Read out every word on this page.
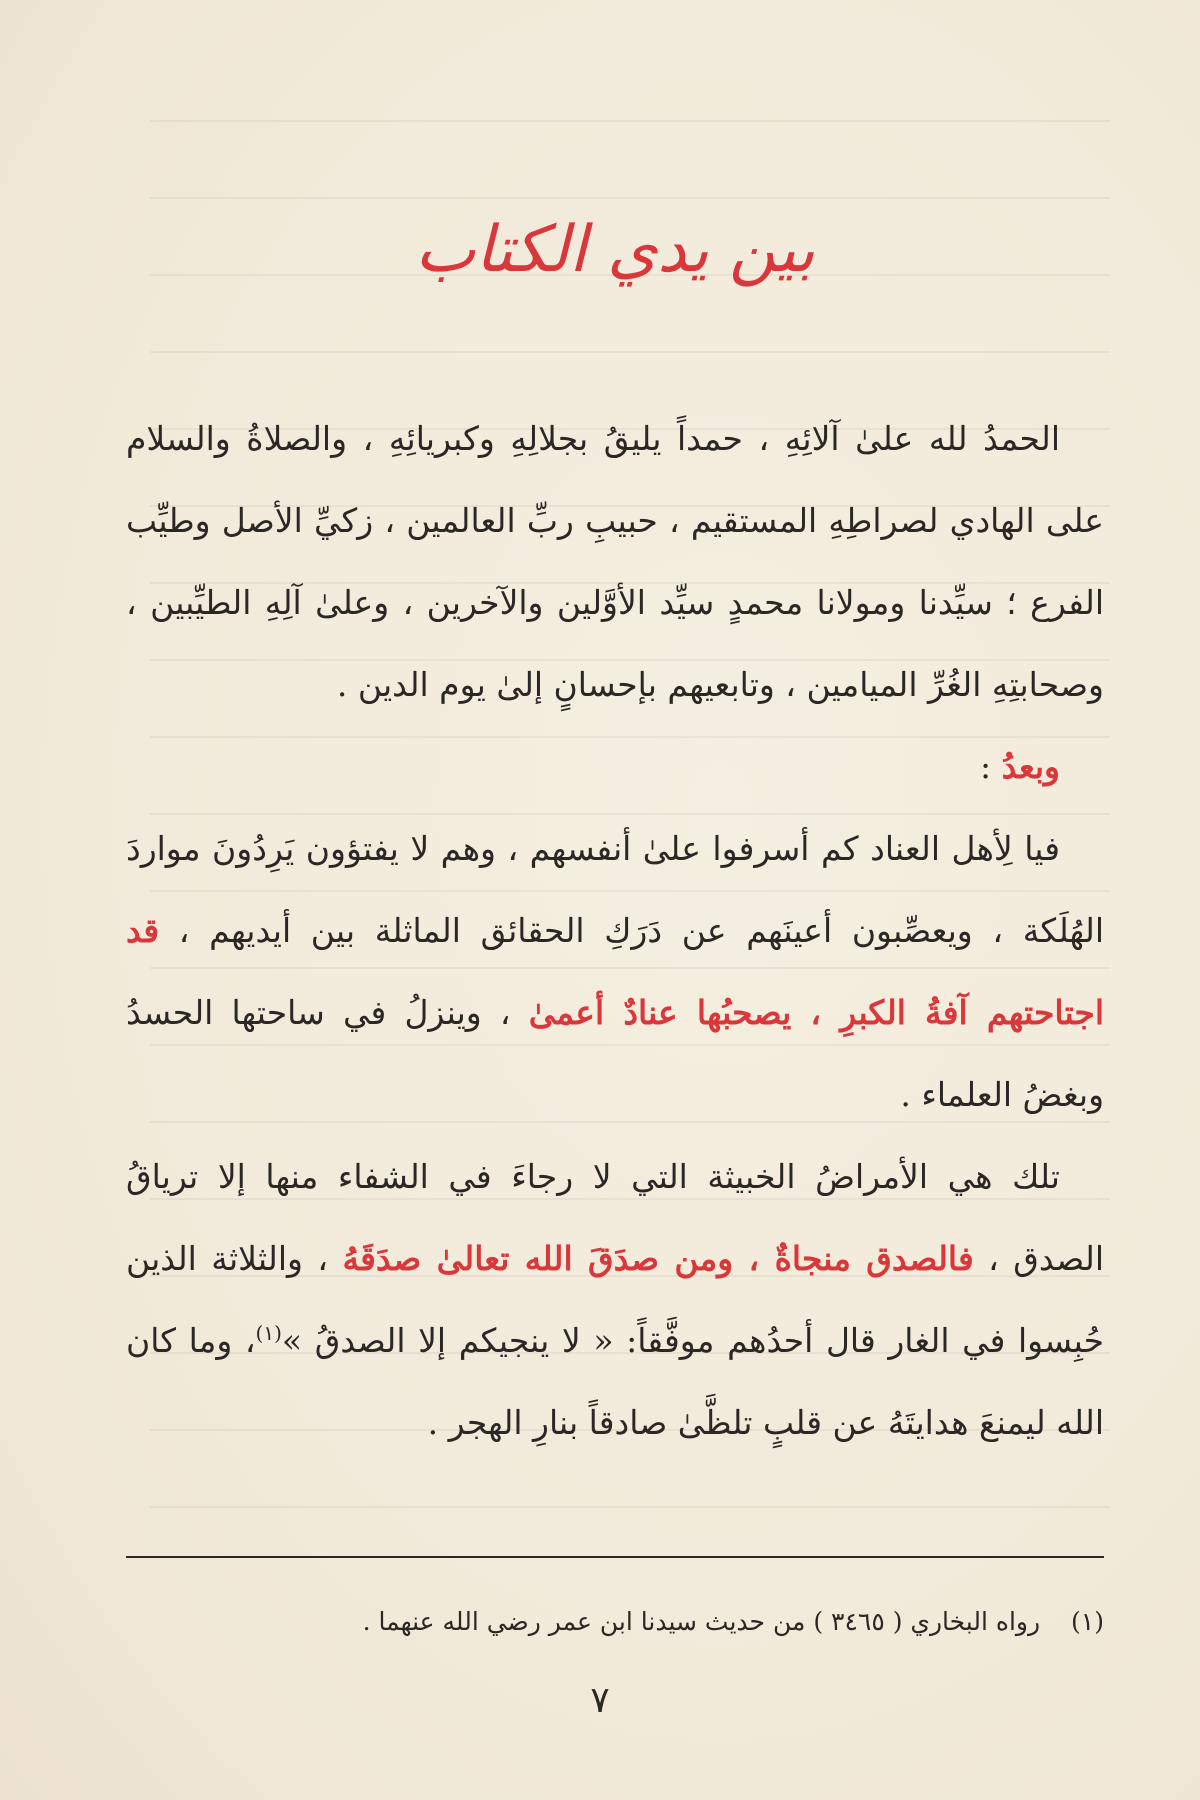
بين يدي الكتاب

الحمدُ لله علىٰ آلائِهِ ، حمداً يليقُ بجلالِهِ وكبريائِهِ ، والصلاةُ والسلام على الهادي لصراطِهِ المستقيم ، حبيبِ ربِّ العالمين ، زكيِّ الأصل وطيِّب الفرع ؛ سيِّدنا ومولانا محمدٍ سيِّد الأوَّلين والآخرين ، وعلىٰ آلِهِ الطيِّبين ، وصحابتِهِ الغُرِّ الميامين ، وتابعيهم بإحسانٍ إلىٰ يوم الدين .

وبعدُ :

فيا لِأهل العناد كم أسرفوا علىٰ أنفسهم ، وهم لا يفتؤون يَرِدُونَ مواردَ الهُلَكة ، ويعصِّبون أعينَهم عن دَرَكِ الحقائق الماثلة بين أيديهم ، قد اجتاحتهم آفةُ الكبرِ ، يصحبُها عنادٌ أعمىٰ ، وينزلُ في ساحتها الحسدُ وبغضُ العلماء .

تلك هي الأمراضُ الخبيثة التي لا رجاءَ في الشفاء منها إلا ترياقُ الصدق ، فالصدق منجاةٌ ، ومن صدَقَ الله تعالىٰ صدَقَهُ ، والثلاثة الذين حُبِسوا في الغار قال أحدُهم موفَّقاً: « لا ينجيكم إلا الصدقُ »$^{(١)}$، وما كان الله ليمنعَ هدايتَهُ عن قلبٍ تلظَّىٰ صادقاً بنارِ الهجر .

(١) رواه البخاري ( ٣٤٦٥ ) من حديث سيدنا ابن عمر رضي الله عنهما .
٧
